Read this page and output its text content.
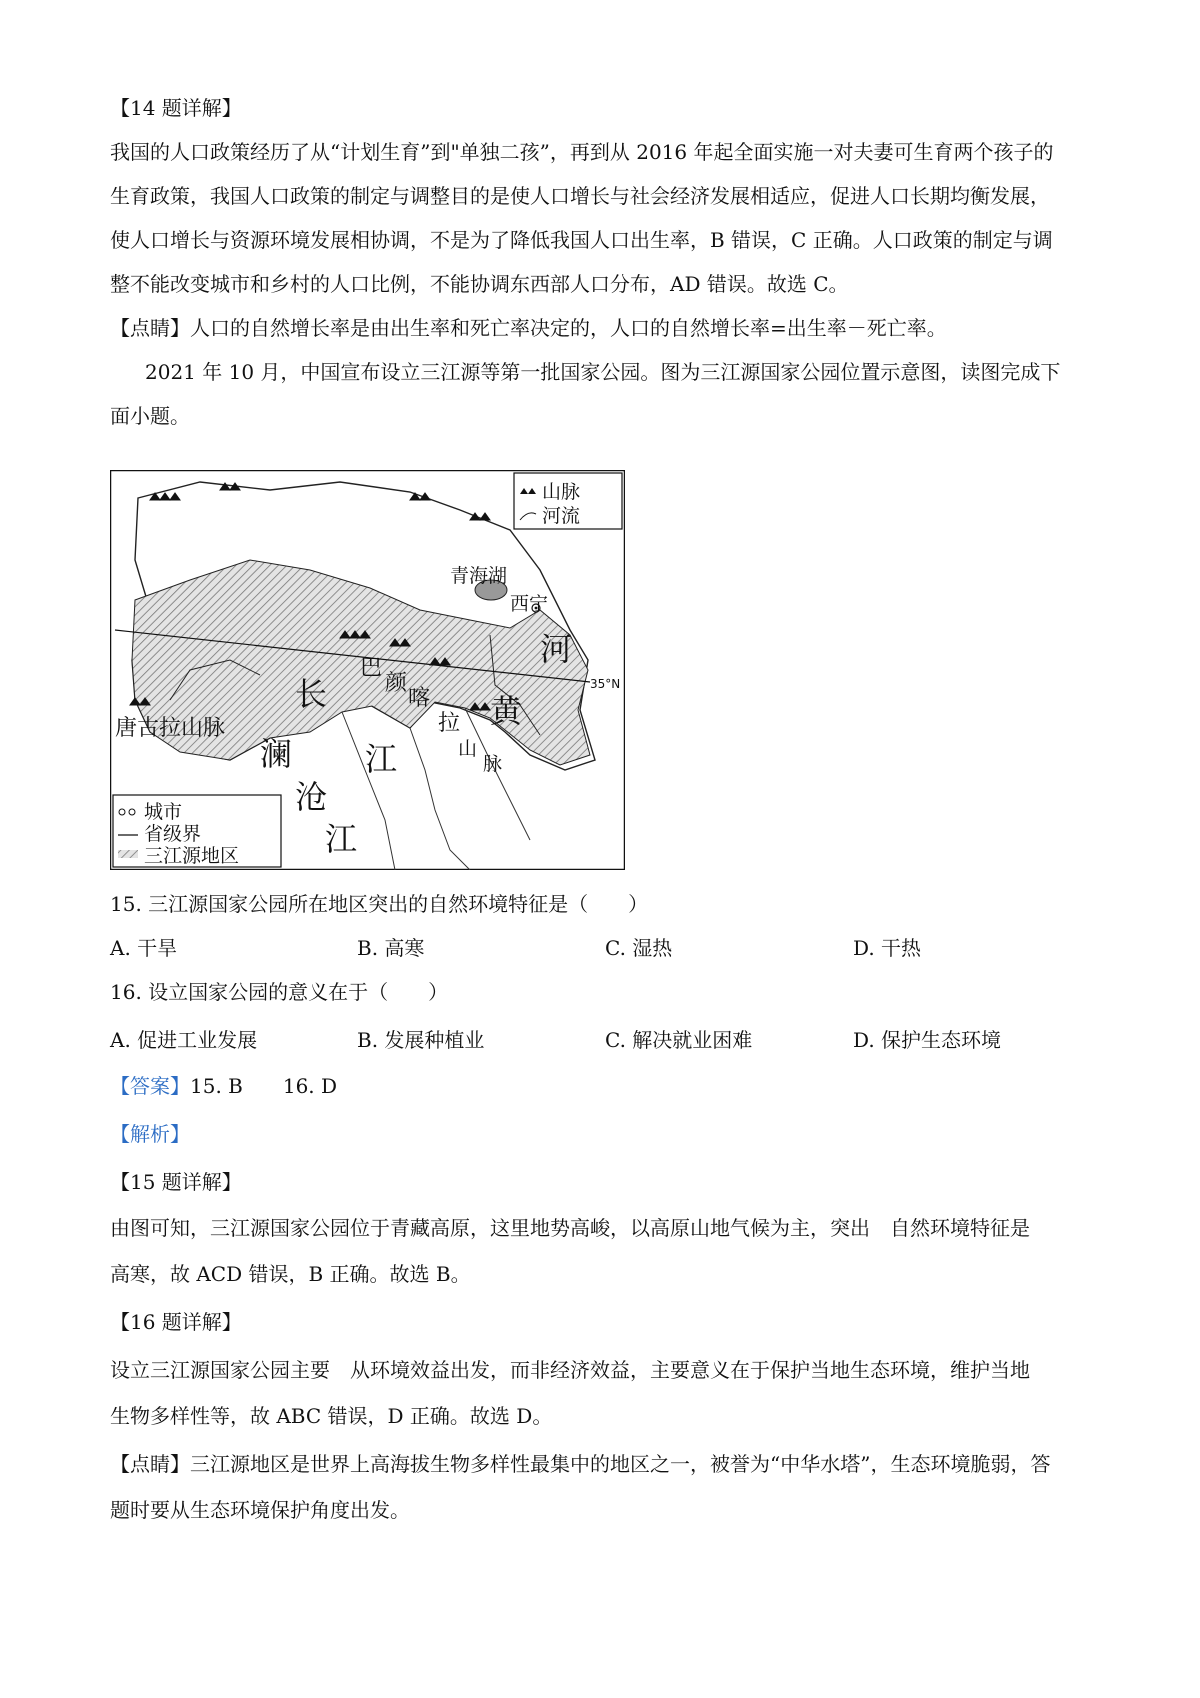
【14 题详解】
我国的人口政策经历了从“计划生育”到"单独二孩”，再到从 2016 年起全面实施一对夫妻可生育两个孩子的
生育政策，我国人口政策的制定与调整目的是使人口增长与社会经济发展相适应，促进人口长期均衡发展，
使人口增长与资源环境发展相协调，不是为了降低我国人口出生率，B 错误，C 正确。人口政策的制定与调
整不能改变城市和乡村的人口比例，不能协调东西部人口分布，AD 错误。故选 C。
【点睛】人口的自然增长率是由出生率和死亡率决定的，人口的自然增长率=出生率－死亡率。
2021 年 10 月，中国宣布设立三江源等第一批国家公园。图为三江源国家公园位置示意图，读图完成下
面小题。
山脉
河流
城市
省级界
三江源地区
青海湖
西宁
35°N
巴
颜
喀
拉
山
脉
唐古拉山脉
长
江
澜
沧
江
河
黄
15. 三江源国家公园所在地区突出的自然环境特征是（　　）
A. 干旱	B. 高寒	C. 湿热	D. 干热
16. 设立国家公园的意义在于（　　）
A. 促进工业发展	B. 发展种植业	C. 解决就业困难	D. 保护生态环境
【答案】15. B　　16. D
【解析】
【15 题详解】
由图可知，三江源国家公园位于青藏高原，这里地势高峻，以高原山地气候为主，突出　自然环境特征是
高寒，故 ACD 错误，B 正确。故选 B。
【16 题详解】
设立三江源国家公园主要　从环境效益出发，而非经济效益，主要意义在于保护当地生态环境，维护当地
生物多样性等，故 ABC 错误，D 正确。故选 D。
【点睛】三江源地区是世界上高海拔生物多样性最集中的地区之一，被誉为“中华水塔”，生态环境脆弱，答
题时要从生态环境保护角度出发。
